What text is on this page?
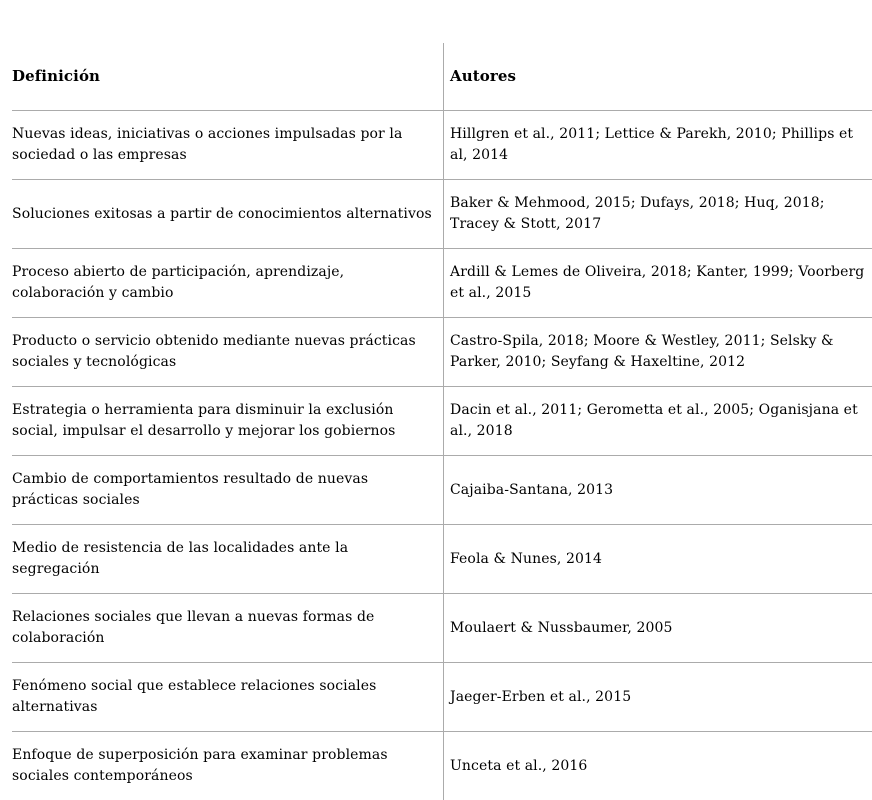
Definición	Autores
Nuevas ideas, iniciativas o acciones impulsadas por la sociedad o las empresas
Hillgren et al., 2011; Lettice & Parekh, 2010; Phillips et al, 2014
Soluciones exitosas a partir de conocimientos alternativos
Baker & Mehmood, 2015; Dufays, 2018; Huq, 2018; Tracey & Stott, 2017
Proceso abierto de participación, aprendizaje, colaboración y cambio
Ardill & Lemes de Oliveira, 2018; Kanter, 1999; Voorberg et al., 2015
Producto o servicio obtenido mediante nuevas prácticas sociales y tecnológicas
Castro-Spila, 2018; Moore & Westley, 2011; Selsky & Parker, 2010; Seyfang & Haxeltine, 2012
Estrategia o herramienta para disminuir la exclusión social, impulsar el desarrollo y mejorar los gobiernos
Dacin et al., 2011; Gerometta et al., 2005; Oganisjana et al., 2018
Cambio de comportamientos resultado de nuevas prácticas sociales
Cajaiba-Santana, 2013
Medio de resistencia de las localidades ante la segregación
Feola & Nunes, 2014
Relaciones sociales que llevan a nuevas formas de colaboración
Moulaert & Nussbaumer, 2005
Fenómeno social que establece relaciones sociales alternativas
Jaeger-Erben et al., 2015
Enfoque de superposición para examinar problemas sociales contemporáneos
Unceta et al., 2016
